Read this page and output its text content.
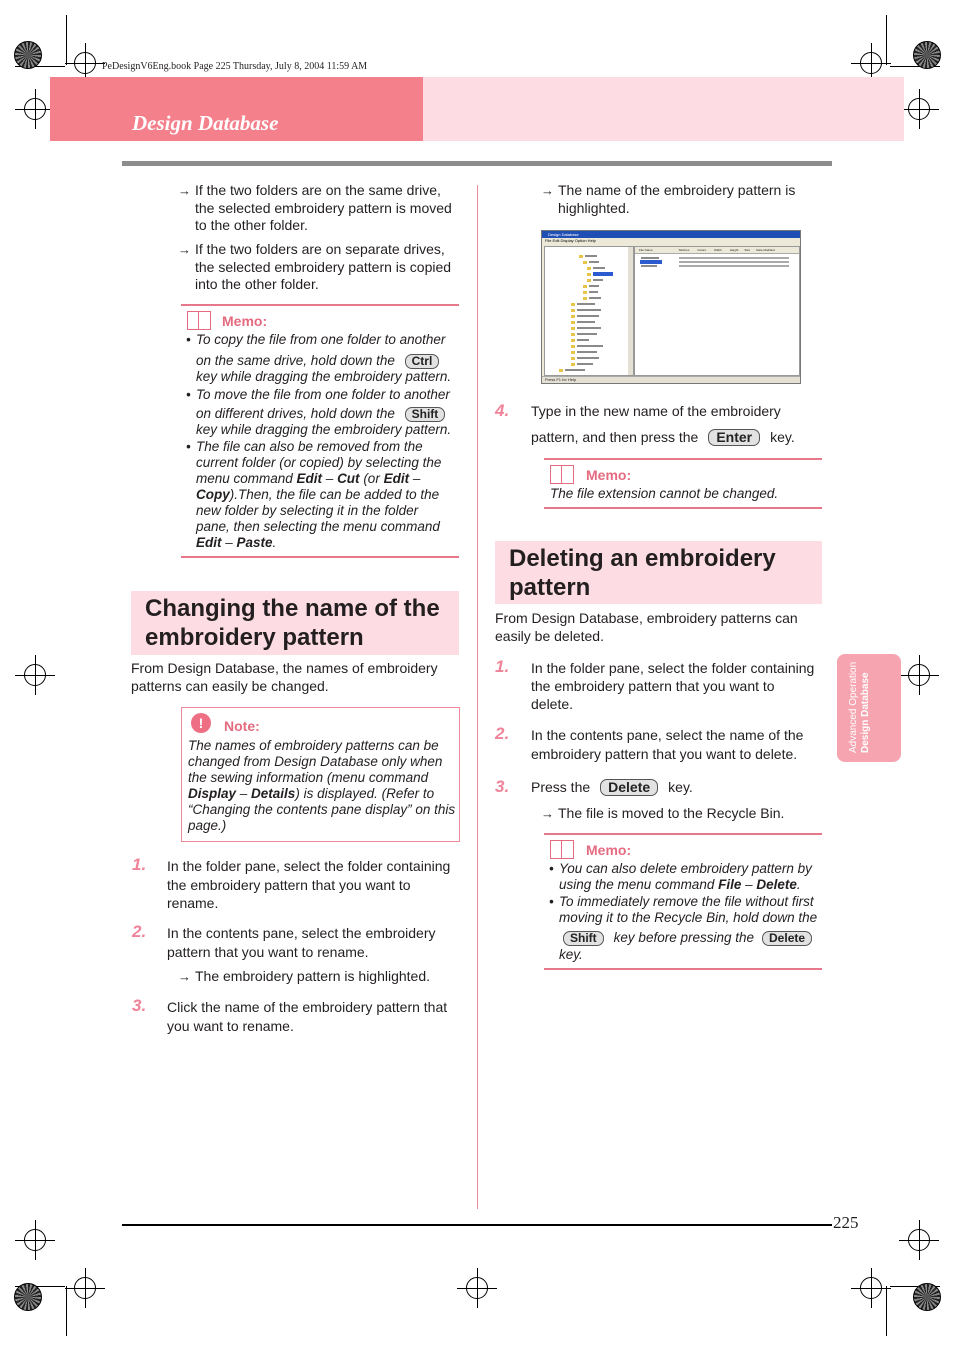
PeDesignV6Eng.book Page 225 Thursday, July 8, 2004 11:59 AM
Design Database
→ If the two folders are on the same drive,
the selected embroidery pattern is moved
to the other folder.
→ If the two folders are on separate drives,
the selected embroidery pattern is copied
into the other folder.
Memo:
• To copy the file from one folder to another
on the same drive, hold down the Ctrl
key while dragging the embroidery pattern.
• To move the file from one folder to another
on different drives, hold down the Shift
key while dragging the embroidery pattern.
• The file can also be removed from the
current folder (or copied) by selecting the
menu command Edit – Cut (or Edit –
Copy).Then, the file can be added to the
new folder by selecting it in the folder
pane, then selecting the menu command
Edit – Paste.
Changing the name of the
embroidery pattern
From Design Database, the names of embroidery
patterns can easily be changed.
!	Note:
The names of embroidery patterns can be
changed from Design Database only when
the sewing information (menu command
Display – Details) is displayed. (Refer to
“Changing the contents pane display” on this
page.)
1. In the folder pane, select the folder containing
the embroidery pattern that you want to
rename.
2. In the contents pane, select the embroidery
pattern that you want to rename.
→ The embroidery pattern is highlighted.
3. Click the name of the embroidery pattern that
you want to rename.
→ The name of the embroidery pattern is
highlighted.
Design Database
File Edit Display Option Help
File Name	Stitches	Colors	Width	Height Size Date Modified
Press F1 for Help
4. Type in the new name of the embroidery
pattern, and then press the Enter key.
Memo:
The file extension cannot be changed.
Deleting an embroidery
pattern
From Design Database, embroidery patterns can
easily be deleted.
1. In the folder pane, select the folder containing
the embroidery pattern that you want to
delete.
2. In the contents pane, select the name of the
embroidery pattern that you want to delete.
3. Press the Delete key.
→ The file is moved to the Recycle Bin.
Memo:
• You can also delete embroidery pattern by
using the menu command File – Delete.
• To immediately remove the file without first
moving it to the Recycle Bin, hold down the
Shift key before pressing the Delete
key.
Advanced Operation Design Database
225
